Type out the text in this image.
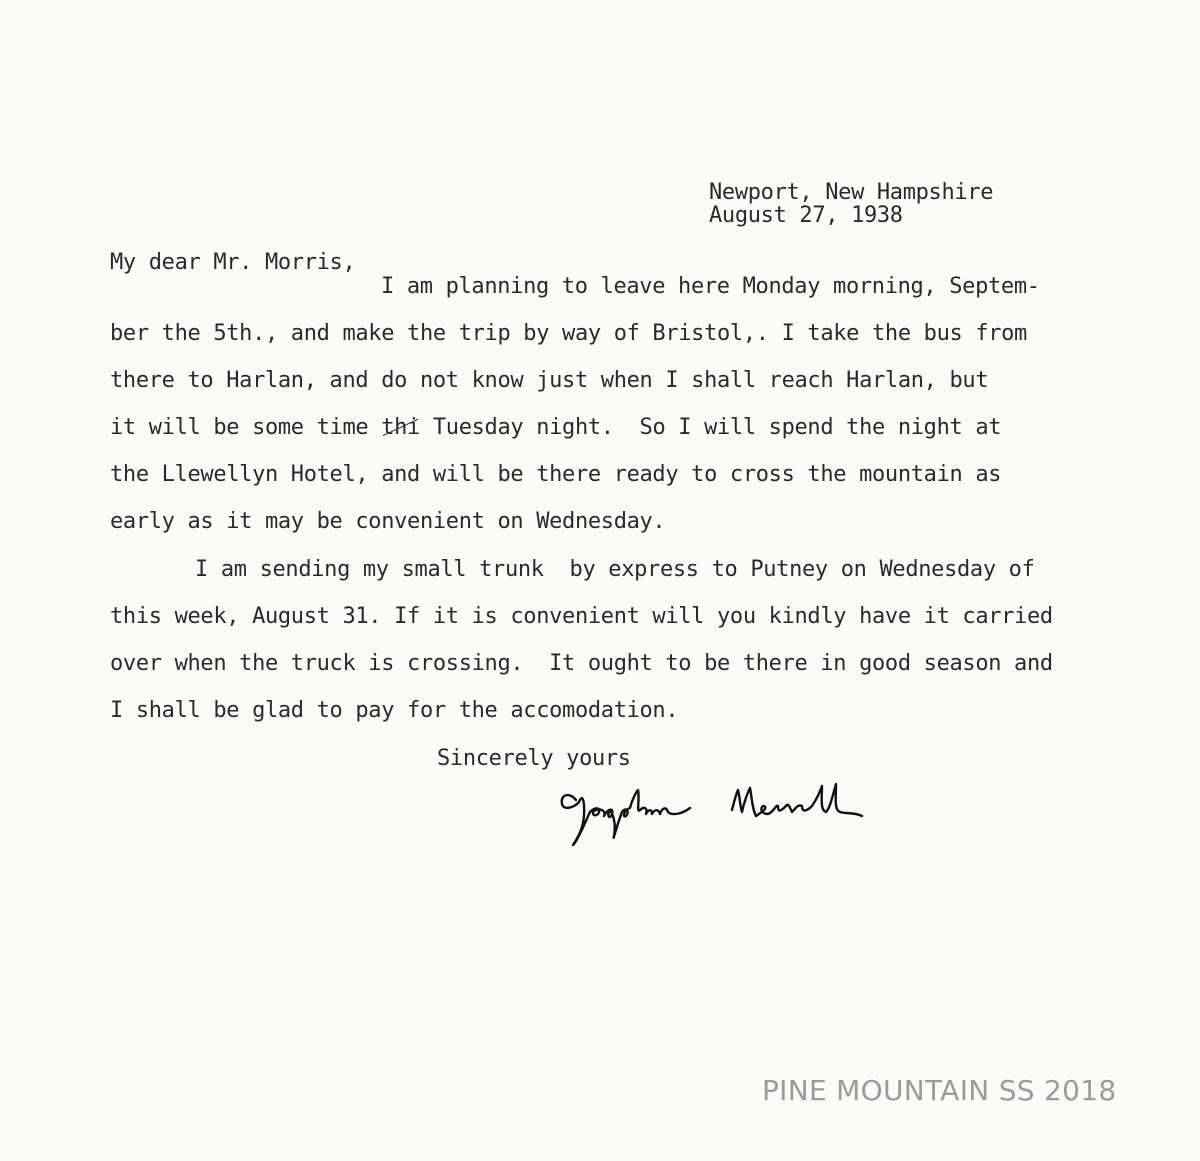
Newport, New Hampshire
August 27, 1938
My dear Mr. Morris,
I am planning to leave here Monday morning, Septem-
ber the 5th., and make the trip by way of Bristol,. I take the bus from
there to Harlan, and do not know just when I shall reach Harlan, but
it will be some time thi Tuesday night.  So I will spend the night at
the Llewellyn Hotel, and will be there ready to cross the mountain as
early as it may be convenient on Wednesday.
I am sending my small trunk  by express to Putney on Wednesday of
this week, August 31. If it is convenient will you kindly have it carried
over when the truck is crossing.  It ought to be there in good season and
I shall be glad to pay for the accomodation.
Sincerely yours
PINE MOUNTAIN SS 2018
